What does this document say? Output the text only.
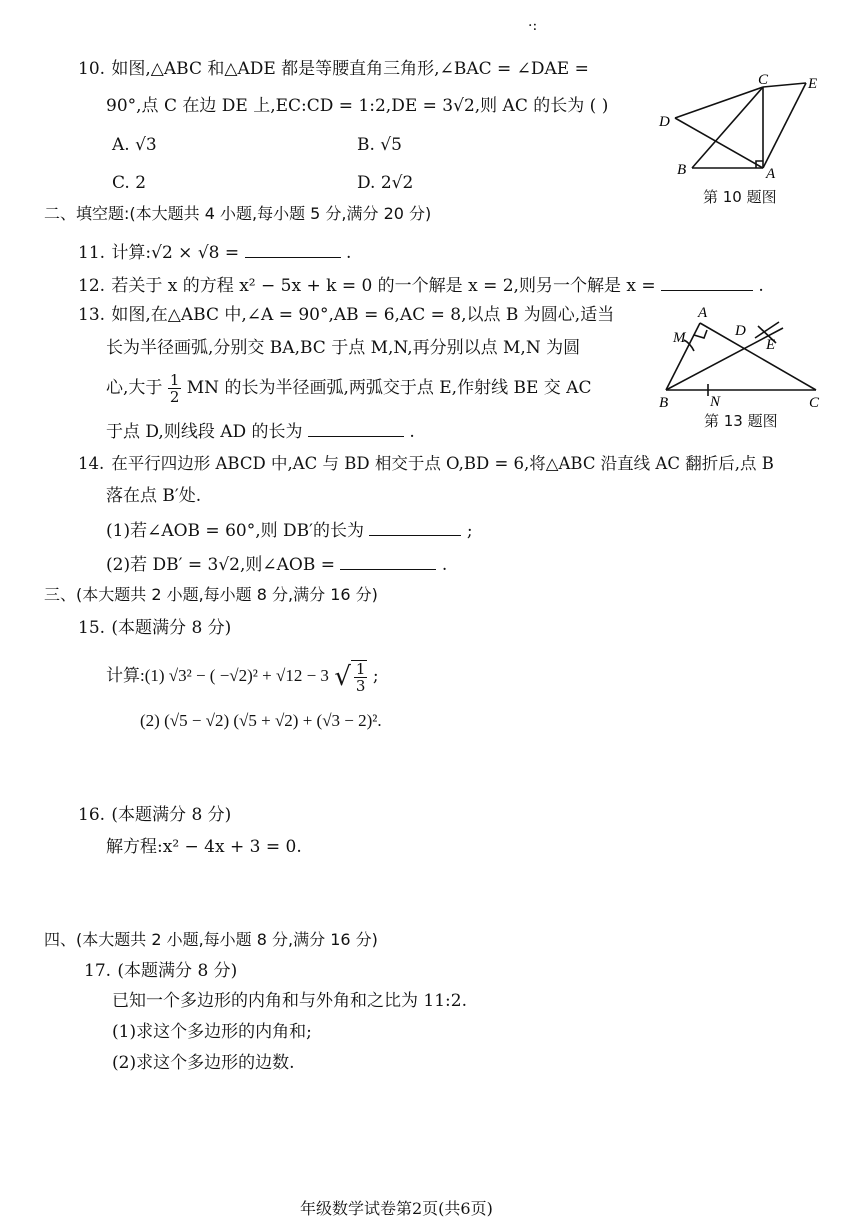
·:
10. 如图,△ABC 和△ADE 都是等腰直角三角形,∠BAC = ∠DAE =
90°,点 C 在边 DE 上,EC:CD = 1:2,DE = 3√2,则 AC 的长为 ( )
A. √3	B. √5
C. 2	D. 2√2
C	E
D
B	A
第 10 题图
二、填空题:(本大题共 4 小题,每小题 5 分,满分 20 分)
11. 计算:√2 × √8 =	.
12. 若关于 x 的方程 x² − 5x + k = 0 的一个解是 x = 2,则另一个解是 x =	.
13. 如图,在△ABC 中,∠A = 90°,AB = 6,AC = 8,以点 B 为圆心,适当
长为半径画弧,分别交 BA,BC 于点 M,N,再分别以点 M,N 为圆
心,大于 $\frac{1}{2}$ MN 的长为半径画弧,两弧交于点 E,作射线 BE 交 AC
于点 D,则线段 AD 的长为	.
A
M	D
E
B	N	C
第 13 题图
14. 在平行四边形 ABCD 中,AC 与 BD 相交于点 O,BD = 6,将△ABC 沿直线 AC 翻折后,点 B
落在点 B′处.
(1)若∠AOB = 60°,则 DB′的长为	;
(2)若 DB′ = 3√2,则∠AOB =	.
三、(本大题共 2 小题,每小题 8 分,满分 16 分)
15. (本题满分 8 分)
计算:(1) √3² − ( −√2)² + √12 − 3 √ $\frac{1}{3}$ ;
(2) (√5 − √2) (√5 + √2) + (√3 − 2)².
16. (本题满分 8 分)
解方程:x² − 4x + 3 = 0.
四、(本大题共 2 小题,每小题 8 分,满分 16 分)
17. (本题满分 8 分)
已知一个多边形的内角和与外角和之比为 11:2.
(1)求这个多边形的内角和;
(2)求这个多边形的边数.
年级数学试卷第2页(共6页)
